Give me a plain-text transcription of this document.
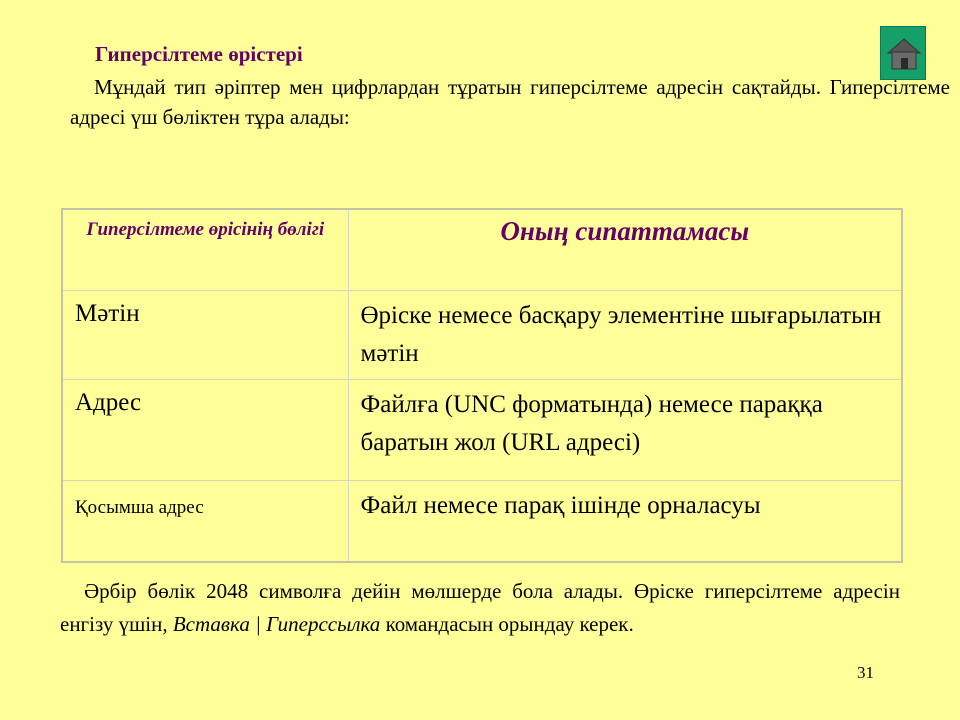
Гиперсілтеме өрістері

Мұндай тип әріптер мен цифрлардан тұратын гиперсілтеме адресін сақтайды. Гиперсілтеме адресі үш бөліктен тұра алады:

Гиперсілтеме өрісінің бөлігі	Оның сипаттамасы
Мәтін	Өріске немесе басқару элементіне шығарылатын мәтін
Адрес	Файлға (UNC форматында) немесе параққа баратын жол (URL адресі)
Қосымша адрес	Файл немесе парақ ішінде орналасуы

Әрбір бөлік 2048 символға дейін мөлшерде бола алады. Өріске гиперсілтеме адресін енгізу үшін, Вставка | Гиперссылка командасын орындау керек.

31
